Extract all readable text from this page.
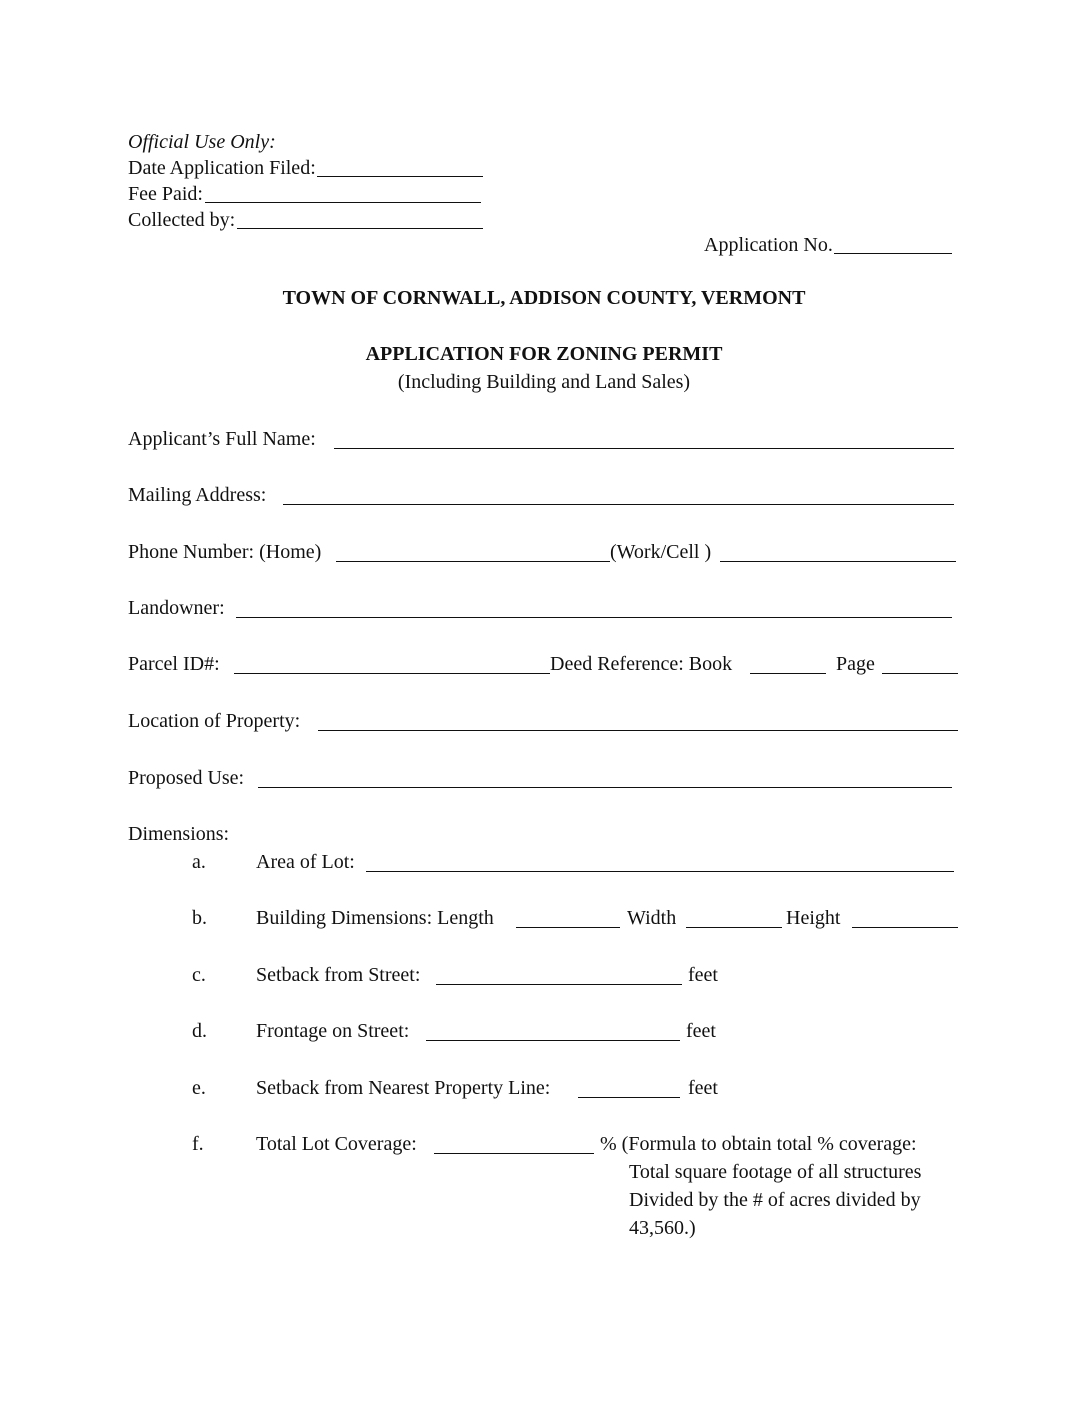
Official Use Only:
Date Application Filed:
Fee Paid:
Collected by:
Application No.
TOWN OF CORNWALL, ADDISON COUNTY, VERMONT
APPLICATION FOR ZONING PERMIT
(Including Building and Land Sales)
Applicant’s Full Name:
Mailing Address:
Phone Number: (Home)	(Work/Cell )
Landowner:
Parcel ID#:	Deed Reference: Book	Page
Location of Property:
Proposed Use:
Dimensions:
a.	Area of Lot:
b. Building Dimensions: Length	Width	Height
c.	Setback from Street:	feet
d. Frontage on Street:	feet
e.	Setback from Nearest Property Line:	feet
f.	Total Lot Coverage:	% (Formula to obtain total % coverage:
Total square footage of all structures
Divided by the # of acres divided by
43,560.)
